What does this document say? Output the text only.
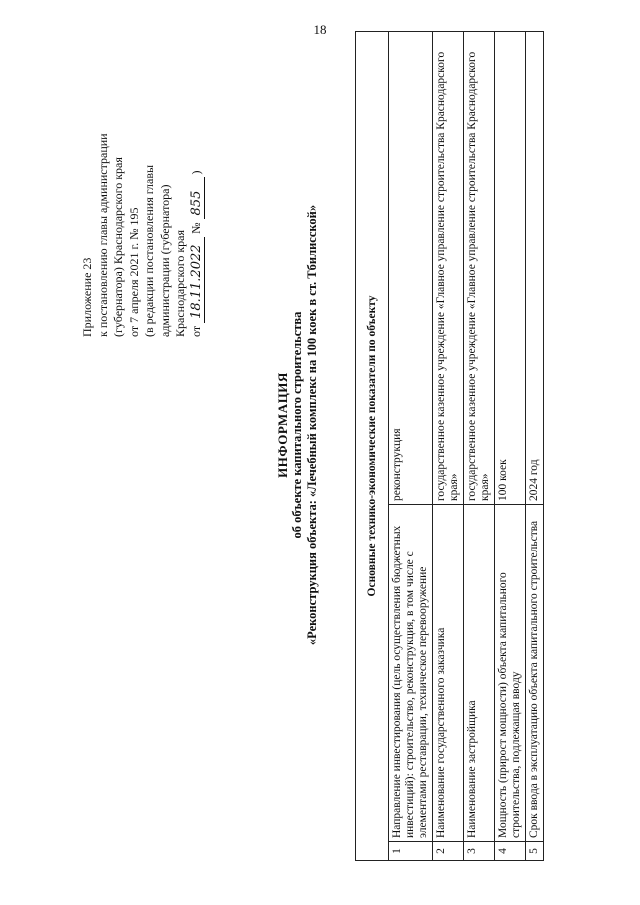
18
Приложение 23 к постановлению главы администрации (губернатора) Краснодарского края от 7 апреля 2021 г. № 195 (в редакции постановления главы администрации (губернатора) Краснодарского края от 18.11.2022 № 855 )
ИНФОРМАЦИЯ об объекте капитального строительства «Реконструкция объекта: «Лечебный комплекс на 100 коек в ст. Тбилисской»	Основные технико-экономические показатели по объекту		
1	Направление инвестирования (цель осуществления бюджетных инвестиций): строительство, реконструкция, в том числе с элементами реставрации, техническое перевооружение	реконструкция
2	Наименование государственного заказчика	государственное казенное учреждение «Главное управление строительства Краснодарского края»
3	Наименование застройщика	государственное казенное учреждение «Главное управление строительства Краснодарского края»
4	Мощность (прирост мощности) объекта капитального строительства, подлежащая вводу	100 коек
5	Срок ввода в эксплуатацию объекта капитального строительства	2024 год
